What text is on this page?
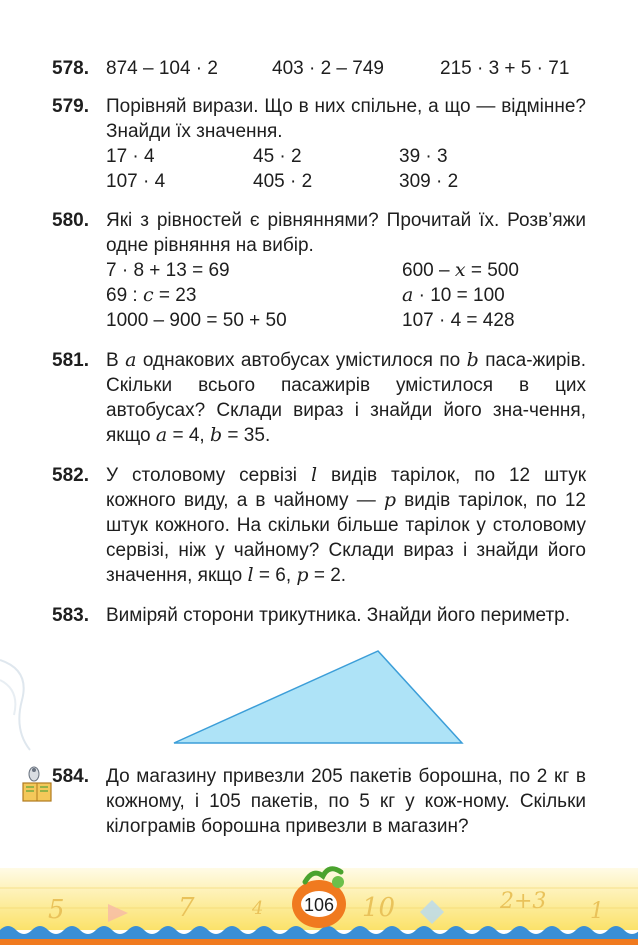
578. 874 – 104 · 2	403 · 2 – 749	215 · 3 + 5 · 71
579. Порівняй вирази. Що в них спільне, а що — відмінне? Знайди їх значення.
17 · 4	45 · 2	39 · 3
107 · 4	405 · 2	309 · 2
580. Які з рівностей є рівняннями? Прочитай їх. Розв’яжи одне рівняння на вибір.
7 · 8 + 13 = 69	600 – x = 500
69 : c = 23	a · 10 = 100
1000 – 900 = 50 + 50	107 · 4 = 428
581. В a однакових автобусах умістилося по b паса-жирів. Скільки всього пасажирів умістилося в цих автобусах? Склади вираз і знайди його зна-чення, якщо a = 4, b = 35.
582. У столовому сервізі l видів тарілок, по 12 штук кожного виду, а в чайному — p видів тарілок, по 12 штук кожного. На скільки більше тарілок у столовому сервізі, ніж у чайному? Склади вираз і знайди його значення, якщо l = 6, p = 2.
583. Виміряй сторони трикутника. Знайди його периметр.
584. До магазину привезли 205 пакетів борошна, по 2 кг в кожному, і 105 пакетів, по 5 кг у кож-ному. Скільки кілограмів борошна привезли в магазин?
5	7	4	10	2+3 1
106
